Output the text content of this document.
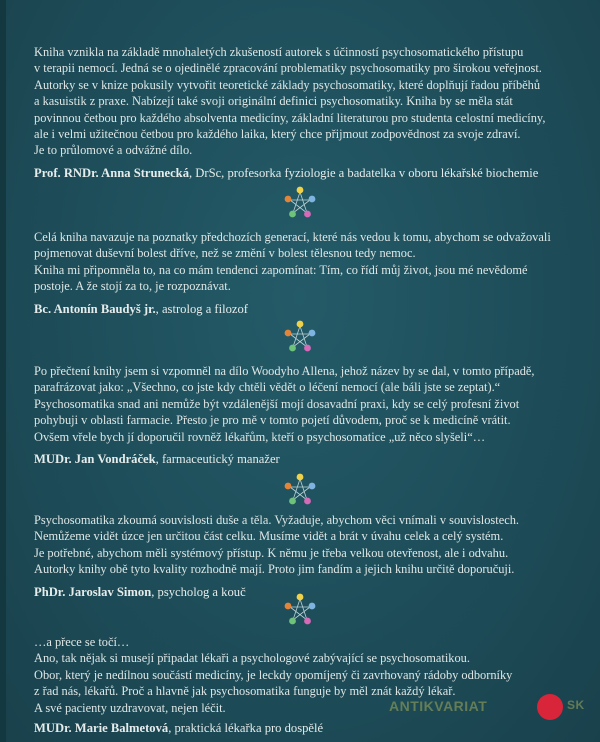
Kniha vznikla na základě mnohaletých zkušeností autorek s účinností psychosomatického přístupu

v terapii nemocí. Jedná se o ojedinělé zpracování problematiky psychosomatiky pro širokou veřejnost.

Autorky se v knize pokusily vytvořit teoretické základy psychosomatiky, které doplňují řadou příběhů

a kasuistik z praxe. Nabízejí také svoji originální definici psychosomatiky. Kniha by se měla stát

povinnou četbou pro každého absolventa medicíny, základní literaturou pro studenta celostní medicíny,

ale i velmi užitečnou četbou pro každého laika, který chce přijmout zodpovědnost za svoje zdraví.

Je to průlomové a odvážné dílo.

Prof. RNDr. Anna Strunecká, DrSc, profesorka fyziologie a badatelka v oboru lékařské biochemie

Celá kniha navazuje na poznatky předchozích generací, které nás vedou k tomu, abychom se odvažovali

pojmenovat duševní bolest dříve, než se změní v bolest tělesnou tedy nemoc.

Kniha mi připomněla to, na co mám tendenci zapomínat: Tím, co řídí můj život, jsou mé nevědomé

postoje. A že stojí za to, je rozpoznávat.

Bc. Antonín Baudyš jr., astrolog a filozof

Po přečtení knihy jsem si vzpomněl na dílo Woodyho Allena, jehož název by se dal, v tomto případě,

parafrázovat jako: „Všechno, co jste kdy chtěli vědět o léčení nemocí (ale báli jste se zeptat).“

Psychosomatika snad ani nemůže být vzdálenější mojí dosavadní praxi, kdy se celý profesní život

pohybuji v oblasti farmacie. Přesto je pro mě v tomto pojetí důvodem, proč se k medicíně vrátit.

Ovšem vřele bych jí doporučil rovněž lékařům, kteří o psychosomatice „už něco slyšeli“…

MUDr. Jan Vondráček, farmaceutický manažer

Psychosomatika zkoumá souvislosti duše a těla. Vyžaduje, abychom věci vnímali v souvislostech.

Nemůžeme vidět úzce jen určitou část celku. Musíme vidět a brát v úvahu celek a celý systém.

Je potřebné, abychom měli systémový přístup. K němu je třeba velkou otevřenost, ale i odvahu.

Autorky knihy obě tyto kvality rozhodně mají. Proto jim fandím a jejich knihu určitě doporučuji.

PhDr. Jaroslav Simon, psycholog a kouč

…a přece se točí…

Ano, tak nějak si musejí připadat lékaři a psychologové zabývající se psychosomatikou.

Obor, který je nedílnou součástí medicíny, je leckdy opomíjený či zavrhovaný rádoby odborníky

z řad nás, lékařů. Proč a hlavně jak psychosomatika funguje by měl znát každý lékař.

A své pacienty uzdravovat, nejen léčit.

MUDr. Marie Balmetová, praktická lékařka pro dospělé
ANTIKVARIAT	SK
